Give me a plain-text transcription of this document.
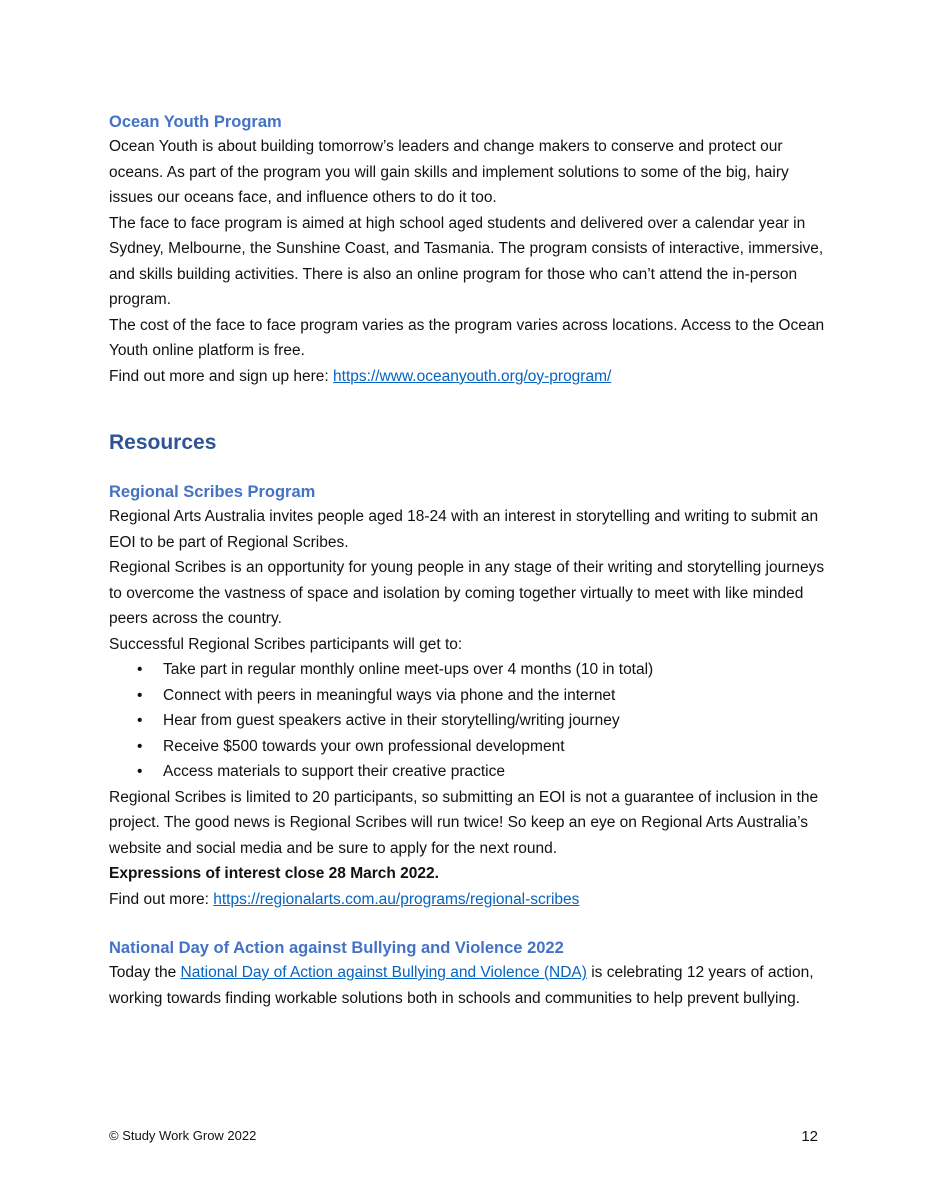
Ocean Youth Program

Ocean Youth is about building tomorrow’s leaders and change makers to conserve and protect our oceans. As part of the program you will gain skills and implement solutions to some of the big, hairy issues our oceans face, and influence others to do it too.

The face to face program is aimed at high school aged students and delivered over a calendar year in Sydney, Melbourne, the Sunshine Coast, and Tasmania. The program consists of interactive, immersive, and skills building activities. There is also an online program for those who can’t attend the in-person program.

The cost of the face to face program varies as the program varies across locations. Access to the Ocean Youth online platform is free.

Find out more and sign up here: https://www.oceanyouth.org/oy-program/

Resources
Regional Scribes Program

Regional Arts Australia invites people aged 18-24 with an interest in storytelling and writing to submit an EOI to be part of Regional Scribes.

Regional Scribes is an opportunity for young people in any stage of their writing and storytelling journeys to overcome the vastness of space and isolation by coming together virtually to meet with like minded peers across the country.

Successful Regional Scribes participants will get to:

• Take part in regular monthly online meet-ups over 4 months (10 in total)
• Connect with peers in meaningful ways via phone and the internet
• Hear from guest speakers active in their storytelling/writing journey
• Receive $500 towards your own professional development
• Access materials to support their creative practice

Regional Scribes is limited to 20 participants, so submitting an EOI is not a guarantee of inclusion in the project. The good news is Regional Scribes will run twice! So keep an eye on Regional Arts Australia’s website and social media and be sure to apply for the next round.

Expressions of interest close 28 March 2022.

Find out more: https://regionalarts.com.au/programs/regional-scribes

National Day of Action against Bullying and Violence 2022

Today the National Day of Action against Bullying and Violence (NDA) is celebrating 12 years of action, working towards finding workable solutions both in schools and communities to help prevent bullying.

© Study Work Grow 2022	12
